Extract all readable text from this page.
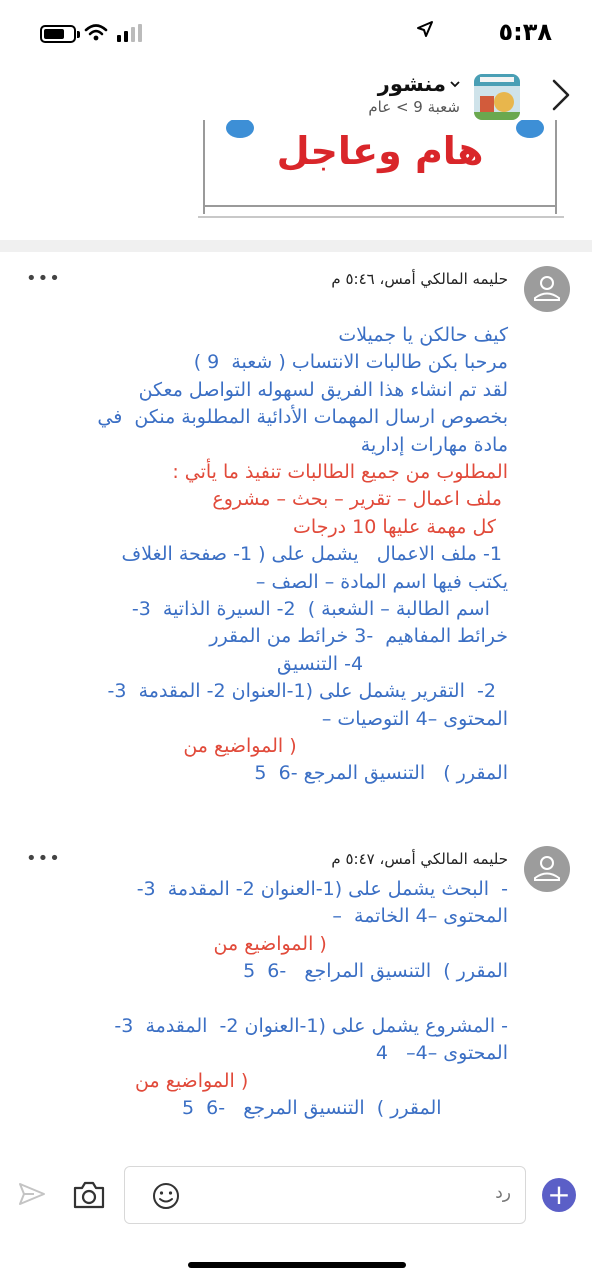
٥:٣٨
منشور
شعبة 9 > عام
هام وعاجل
حليمه المالكي أمس، ٥:٤٦ م
•••
كيف حالكن يا جميلات
مرحبا بكن طالبات الانتساب ( شعبة  9 )
لقد تم انشاء هذا الفريق لسهوله التواصل معكن
بخصوص ارسال المهمات الأدائية المطلوبة منكن  في
مادة مهارات إدارية
المطلوب من جميع الطالبات تنفيذ ما يأتي :
ملف اعمال – تقرير – بحث – مشروع
كل مهمة عليها 10 درجات
1- ملف الاعمال   يشمل على ( 1- صفحة الغلاف
يكتب فيها اسم المادة – الصف –
اسم الطالبة – الشعبة )  2- السيرة الذاتية  3-
خرائط المفاهيم  -3 خرائط من المقرر
4- التنسيق
2-  التقرير يشمل على (1-العنوان 2- المقدمة  3-
المحتوى –4 التوصيات –
( المواضيع من
المقرر )   التنسيق المرجع -6  5
حليمه المالكي أمس، ٥:٤٧ م
•••
-  البحث يشمل على (1-العنوان 2- المقدمة  3-
المحتوى –4 الخاتمة  –
( المواضيع من
المقرر )  التنسيق المراجع   -6  5
- المشروع يشمل على (1-العنوان 2-  المقدمة  3-
المحتوى –4–   4
( المواضيع من
المقرر )  التنسيق المرجع   -6  5
رد +
